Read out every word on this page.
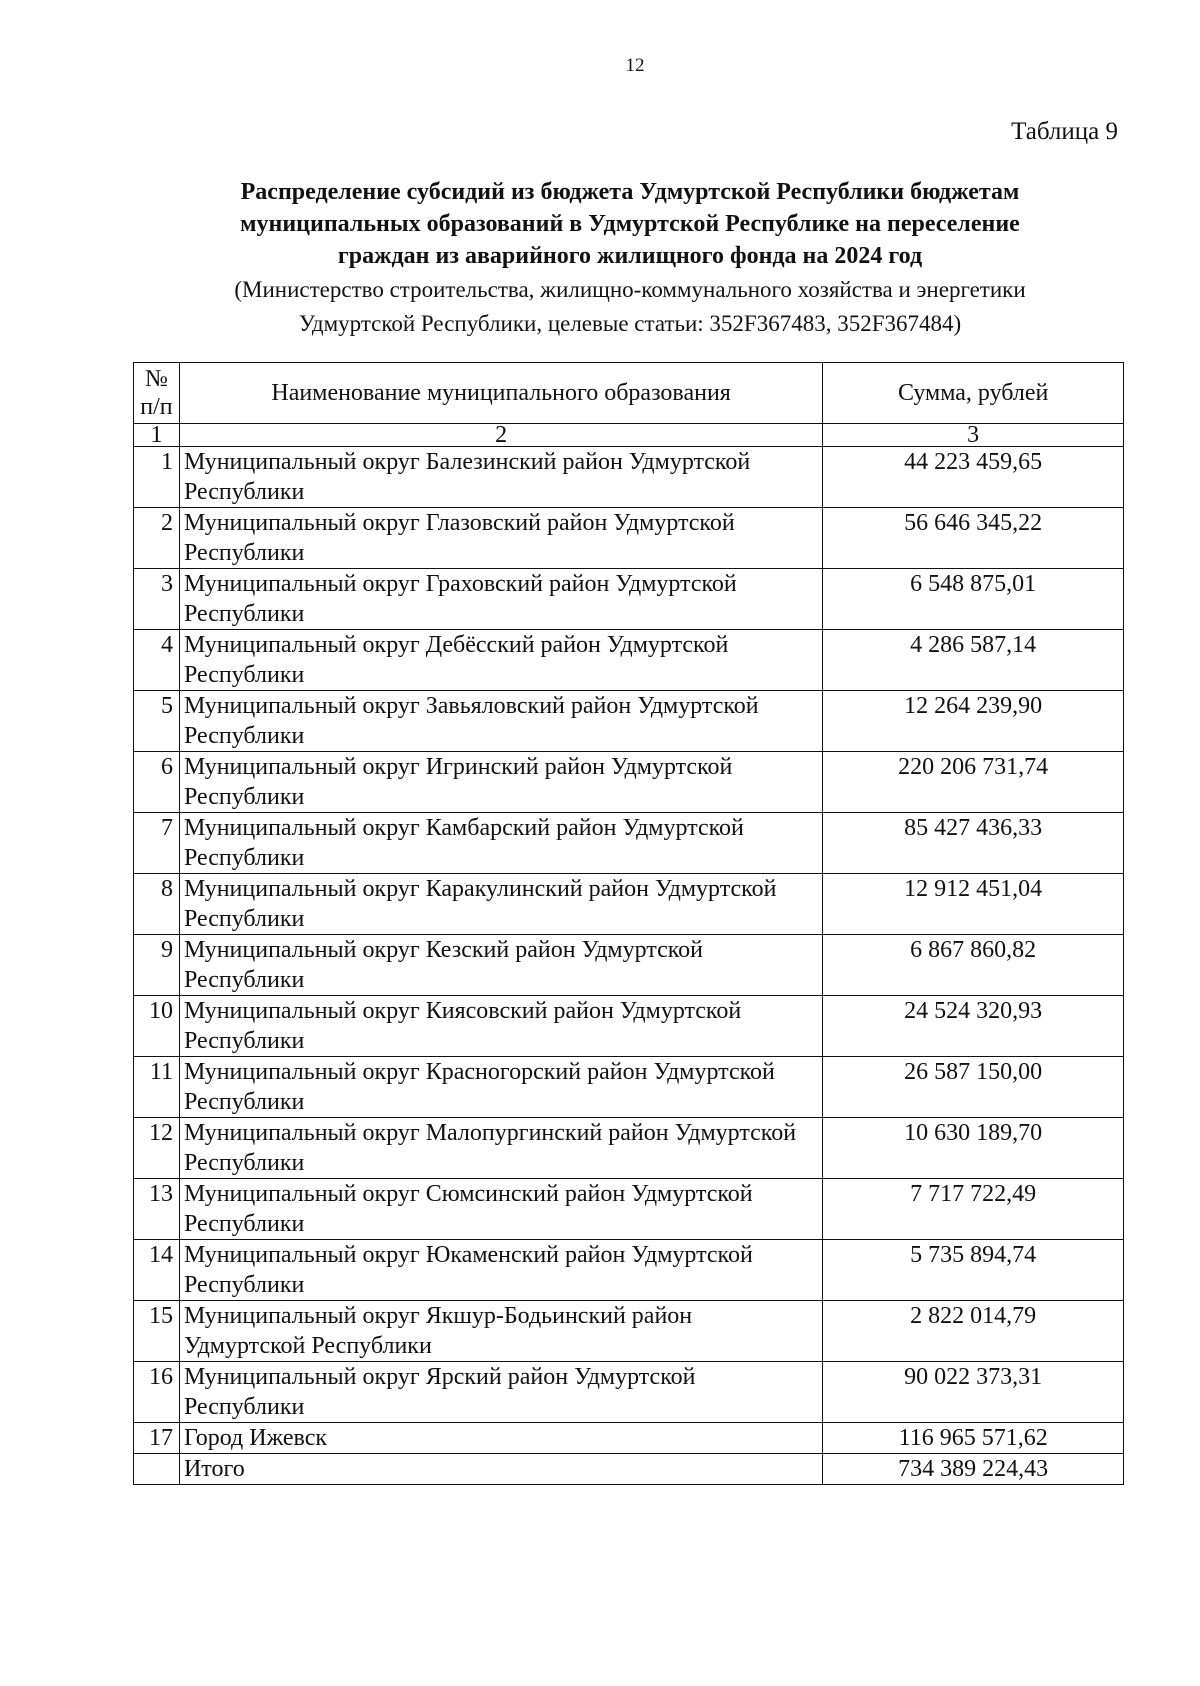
12
Таблица 9
Распределение субсидий из бюджета Удмуртской Республики бюджетам
муниципальных образований в Удмуртской Республике на переселение
граждан из аварийного жилищного фонда на 2024 год
(Министерство строительства, жилищно-коммунального хозяйства и энергетики
Удмуртской Республики, целевые статьи: 352F367483, 352F367484)
№
п/п	Наименование муниципального образования	Сумма, рублей
1	2	3
1	Муниципальный округ Балезинский район Удмуртской Республики	44 223 459,65
2	Муниципальный округ Глазовский район Удмуртской Республики	56 646 345,22
3	Муниципальный округ Граховский район Удмуртской Республики	6 548 875,01
4	Муниципальный округ Дебёсский район Удмуртской Республики	4 286 587,14
5	Муниципальный округ Завьяловский район Удмуртской Республики	12 264 239,90
6	Муниципальный округ Игринский район Удмуртской Республики	220 206 731,74
7	Муниципальный округ Камбарский район Удмуртской Республики	85 427 436,33
8	Муниципальный округ Каракулинский район Удмуртской Республики	12 912 451,04
9	Муниципальный округ Кезский район Удмуртской Республики	6 867 860,82
10	Муниципальный округ Киясовский район Удмуртской Республики	24 524 320,93
11	Муниципальный округ Красногорский район Удмуртской Республики	26 587 150,00
12	Муниципальный округ Малопургинский район Удмуртской Республики	10 630 189,70
13	Муниципальный округ Сюмсинский район Удмуртской Республики	7 717 722,49
14	Муниципальный округ Юкаменский район Удмуртской Республики	5 735 894,74
15	Муниципальный округ Якшур-Бодьинский район Удмуртской Республики	2 822 014,79
16	Муниципальный округ Ярский район Удмуртской Республики	90 022 373,31
17	Город Ижевск	116 965 571,62
	Итого	734 389 224,43
